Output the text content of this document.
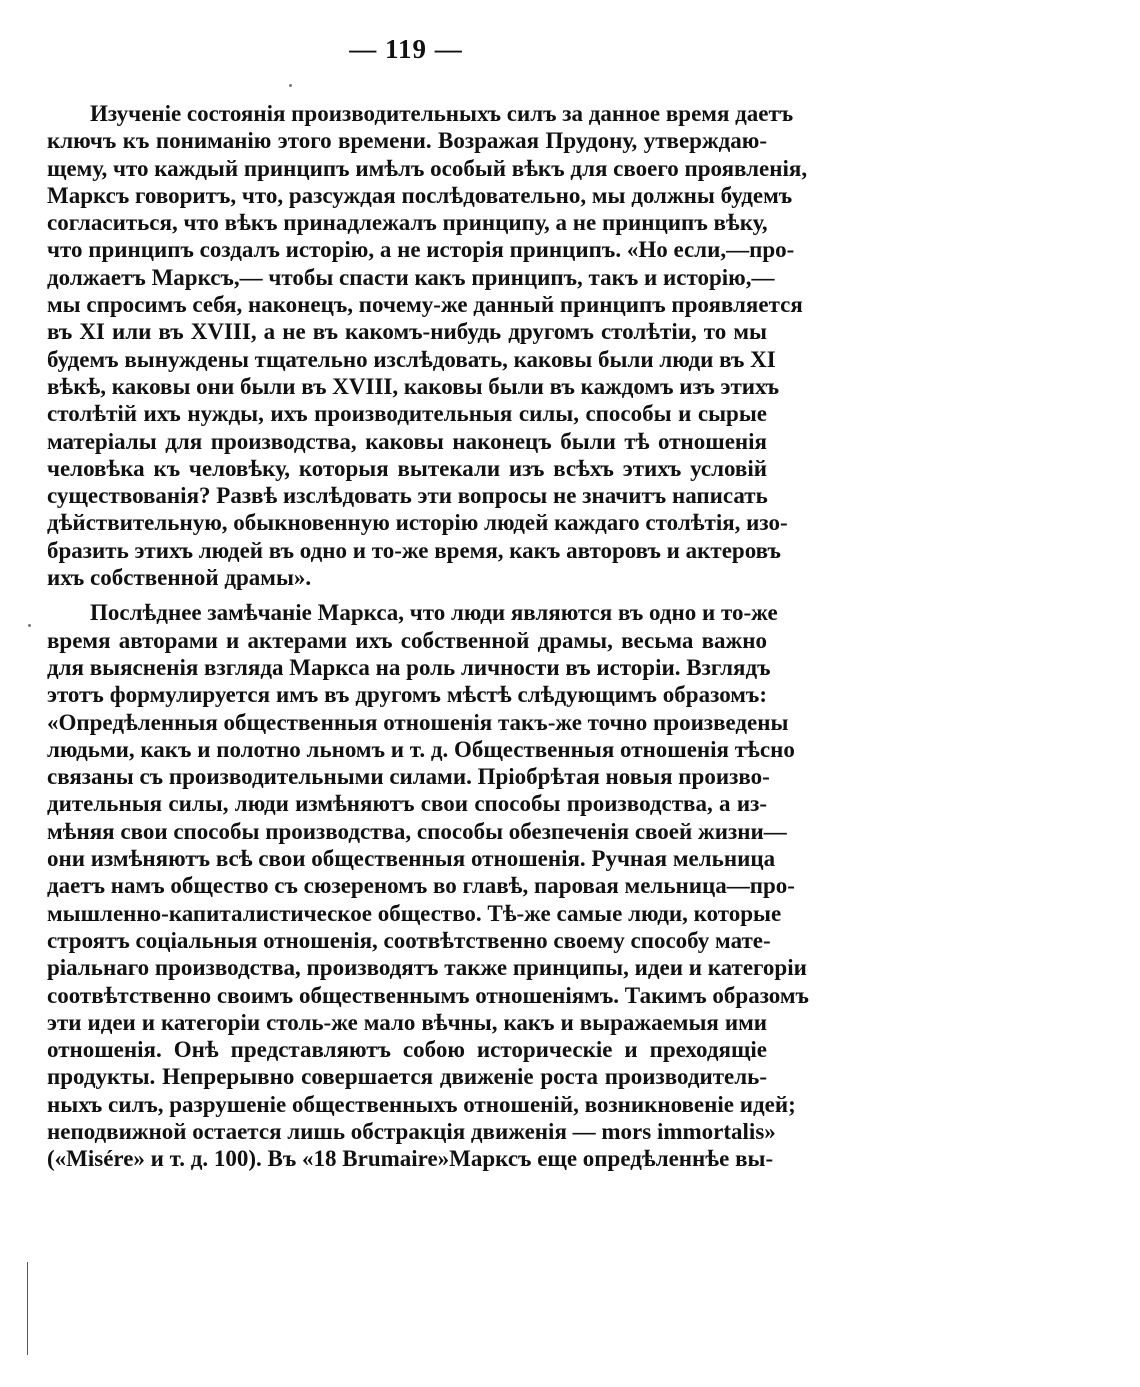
— 119 —
Изученіе состоянія производительныхъ силъ за данное время даетъ
ключъ къ пониманію этого времени. Возражая Прудону, утверждаю-
щему, что каждый принципъ имѣлъ особый вѣкъ для своего проявленія,
Марксъ говоритъ, что, разсуждая послѣдовательно, мы должны будемъ
согласиться, что вѣкъ принадлежалъ принципу, а не принципъ вѣку,
что принципъ создалъ исторію, а не исторія принципъ. «Но если,—про-
должаетъ Марксъ,— чтобы спасти какъ принципъ, такъ и исторію,—
мы спросимъ себя, наконецъ, почему-же данный принципъ проявляется
въ XI или въ XVIII, а не въ какомъ-нибудь другомъ столѣтіи, то мы
будемъ вынуждены тщательно изслѣдовать, каковы были люди въ XI
вѣкѣ, каковы они были въ XVIII, каковы были въ каждомъ изъ этихъ
столѣтій ихъ нужды, ихъ производительныя силы, способы и сырые
матеріалы для производства, каковы наконецъ были тѣ отношенія
человѣка къ человѣку, которыя вытекали изъ всѣхъ этихъ условій
существованія? Развѣ изслѣдовать эти вопросы не значитъ написать
дѣйствительную, обыкновенную исторію людей каждаго столѣтія, изо-
бразить этихъ людей въ одно и то-же время, какъ авторовъ и актеровъ
ихъ собственной драмы».
Послѣднее замѣчаніе Маркса, что люди являются въ одно и то-же
время авторами и актерами ихъ собственной драмы, весьма важно
для выясненія взгляда Маркса на роль личности въ исторіи. Взглядъ
этотъ формулируется имъ въ другомъ мѣстѣ слѣдующимъ образомъ:
«Опредѣленныя общественныя отношенія такъ-же точно произведены
людьми, какъ и полотно льномъ и т. д. Общественныя отношенія тѣсно
связаны съ производительными силами. Пріобрѣтая новыя произво-
дительныя силы, люди измѣняютъ свои способы производства, а из-
мѣняя свои способы производства, способы обезпеченія своей жизни—
они измѣняютъ всѣ свои общественныя отношенія. Ручная мельница
даетъ намъ общество съ сюзереномъ во главѣ, паровая мельница—про-
мышленно-капиталистическое общество. Тѣ-же самые люди, которые
строятъ соціальныя отношенія, соотвѣтственно своему способу мате-
ріальнаго производства, производятъ также принципы, идеи и категоріи
соотвѣтственно своимъ общественнымъ отношеніямъ. Такимъ образомъ
эти идеи и категоріи столь-же мало вѣчны, какъ и выражаемыя ими
отношенія. Онѣ представляютъ собою историческіе и преходящіе
продукты. Непрерывно совершается движеніе роста производитель-
ныхъ силъ, разрушеніе общественныхъ отношеній, возникновеніе идей;
неподвижной остается лишь обстракція движенія — mors immortalis»
(«Misére» и т. д. 100). Въ «18 Brumaire»Марксъ еще опредѣленнѣе вы-
